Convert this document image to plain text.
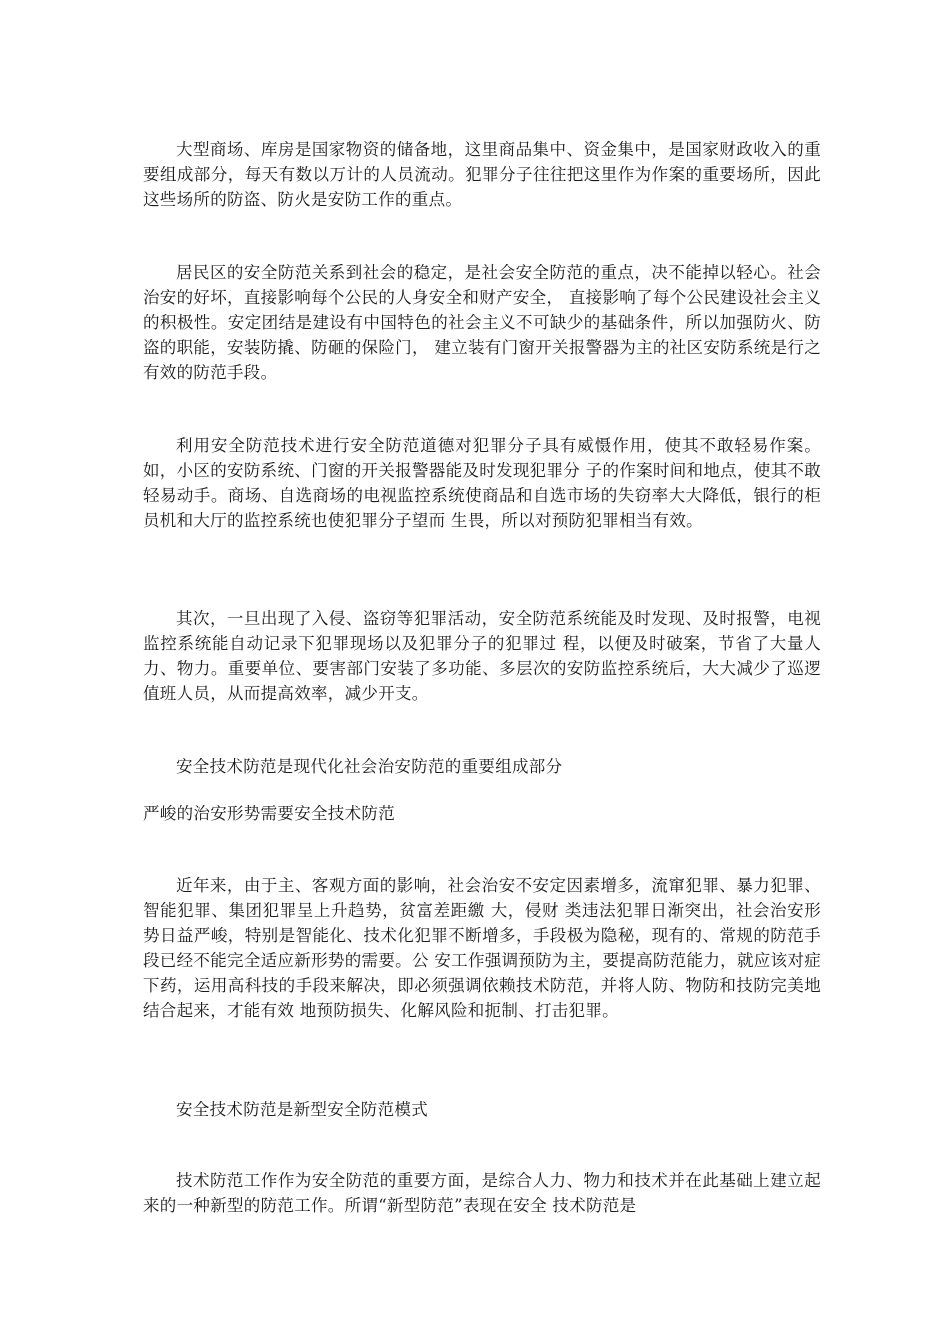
大型商场、库房是国家物资的储备地，这里商品集中、资金集中，是国家财政收入的重要组成部分，每天有数以万计的人员流动。犯罪分子往往把这里作为作案的重要场所，因此这些场所的防盗、防火是安防工作的重点。

居民区的安全防范关系到社会的稳定，是社会安全防范的重点，决不能掉以轻心。社会治安的好坏，直接影响每个公民的人身安全和财产安全， 直接影响了每个公民建设社会主义的积极性。安定团结是建设有中国特色的社会主义不可缺少的基础条件，所以加强防火、防盗的职能，安装防撬、防砸的保险门， 建立装有门窗开关报警器为主的社区安防系统是行之有效的防范手段。

利用安全防范技术进行安全防范道德对犯罪分子具有威慑作用，使其不敢轻易作案。如，小区的安防系统、门窗的开关报警器能及时发现犯罪分 子的作案时间和地点，使其不敢轻易动手。商场、自选商场的电视监控系统使商品和自选市场的失窃率大大降低，银行的柜员机和大厅的监控系统也使犯罪分子望而 生畏，所以对预防犯罪相当有效。

其次，一旦出现了入侵、盗窃等犯罪活动，安全防范系统能及时发现、及时报警，电视监控系统能自动记录下犯罪现场以及犯罪分子的犯罪过 程，以便及时破案，节省了大量人力、物力。重要单位、要害部门安装了多功能、多层次的安防监控系统后，大大减少了巡逻值班人员，从而提高效率，减少开支。

安全技术防范是现代化社会治安防范的重要组成部分

严峻的治安形势需要安全技术防范

近年来，由于主、客观方面的影响，社会治安不安定因素增多，流窜犯罪、暴力犯罪、智能犯罪、集团犯罪呈上升趋势，贫富差距繳 大，侵财 类违法犯罪日渐突出，社会治安形势日益严峻，特别是智能化、技术化犯罪不断增多，手段极为隐秘，现有的、常规的防范手段已经不能完全适应新形势的需要。公 安工作强调预防为主，要提高防范能力，就应该对症下药，运用高科技的手段来解决，即必须强调依赖技术防范，并将人防、物防和技防完美地结合起来，才能有效 地预防损失、化解风险和扼制、打击犯罪。

安全技术防范是新型安全防范模式

技术防范工作作为安全防范的重要方面，是综合人力、物力和技术并在此基础上建立起来的一种新型的防范工作。所谓“新型防范”表现在安全 技术防范是
